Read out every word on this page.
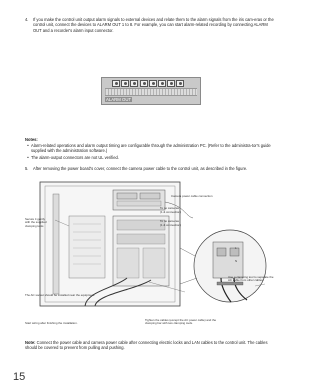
4.	If you make the control unit output alarm signals to external devices and relate them to the alarm signals from the iris cam-eras or the control unit, connect the devices to ALARM OUT 1 to 8. For example, you can start alarm-related recording by connecting ALARM OUT and a recorder's alarm input connector.
ALARM OUT
Notes:
• Alarm-related operations and alarm output timing are configurable through the administration PC. (Refer to the administra-tor's guide supplied with the administration software.)
• The alarm-output connectors are not UL verified.
5.	After removing the power board's cover, connect the camera power cable to the control unit, as described in the figure.
L
N
Camera power cable connection
To no cameras
(1 & connection)
To no cameras
(1 & connection)
Secure it gently with the supplied clamping tools
The AC socket should be installed near the equipment.
Start wiring after finishing the installation.
Tighten the cables (except the AC power cable) and the clamping bar with two clamping tools.
Use a clamping tool to separate the AC cable from other cables.
Note: Connect the power cable and camera power cable after connecting electric locks and LAN cables to the control unit. The cables should be covered to prevent from pulling and pushing.
15
